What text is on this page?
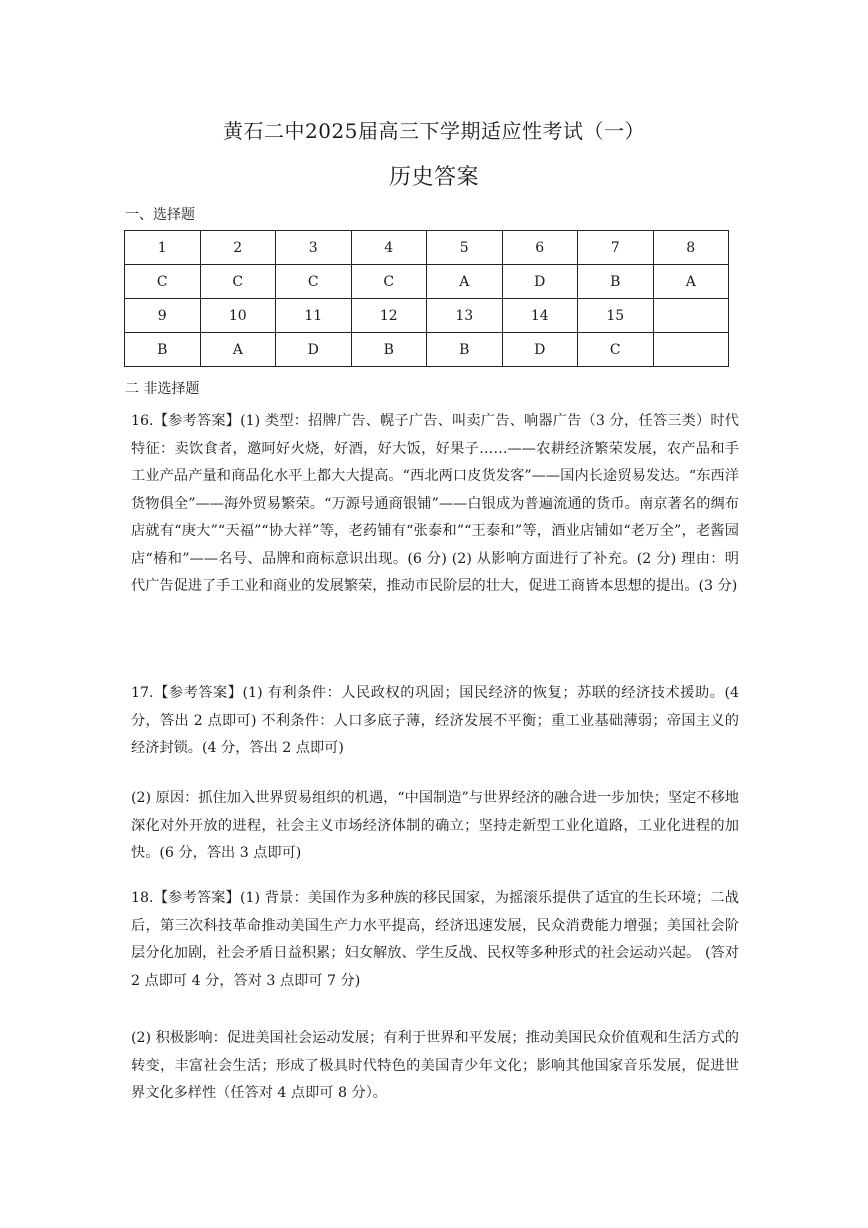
黄石二中2025届高三下学期适应性考试（一）
历史答案
一、选择题
1	2	3	4	5	6	7	8
C	C	C	C	A	D	B	A
9	10	11	12	13	14	15	
B	A	D	B	B	D	C	
二 非选择题
16.【参考答案】(1) 类型：招牌广告、幌子广告、叫卖广告、响器广告（3 分，任答三类）时代特征：卖饮食者，邀呵好火烧，好酒，好大饭，好果子……——农耕经济繁荣发展，农产品和手工业产品产量和商品化水平上都大大提高。“西北两口皮货发客”——国内长途贸易发达。“东西洋货物俱全”——海外贸易繁荣。“万源号通商银铺”——白银成为普遍流通的货币。南京著名的绸布店就有“庚大”“天福”“协大祥”等，老药铺有“张泰和”“王泰和”等，酒业店铺如“老万全”，老酱园店“椿和”——名号、品牌和商标意识出现。(6 分) (2) 从影响方面进行了补充。(2 分) 理由：明代广告促进了手工业和商业的发展繁荣，推动市民阶层的壮大，促进工商皆本思想的提出。(3 分)
17.【参考答案】(1) 有利条件：人民政权的巩固；国民经济的恢复；苏联的经济技术援助。(4 分，答出 2 点即可) 不利条件：人口多底子薄，经济发展不平衡；重工业基础薄弱；帝国主义的经济封锁。(4 分，答出 2 点即可)
(2) 原因：抓住加入世界贸易组织的机遇，“中国制造”与世界经济的融合进一步加快；坚定不移地深化对外开放的进程，社会主义市场经济体制的确立；坚持走新型工业化道路，工业化进程的加快。(6 分，答出 3 点即可)
18.【参考答案】(1) 背景：美国作为多种族的移民国家，为摇滚乐提供了适宜的生长环境；二战后，第三次科技革命推动美国生产力水平提高，经济迅速发展，民众消费能力增强；美国社会阶层分化加剧，社会矛盾日益积累；妇女解放、学生反战、民权等多种形式的社会运动兴起。 (答对 2 点即可 4 分，答对 3 点即可 7 分)
(2) 积极影响：促进美国社会运动发展；有利于世界和平发展；推动美国民众价值观和生活方式的转变，丰富社会生活；形成了极具时代特色的美国青少年文化；影响其他国家音乐发展，促进世界文化多样性（任答对 4 点即可 8 分）。
